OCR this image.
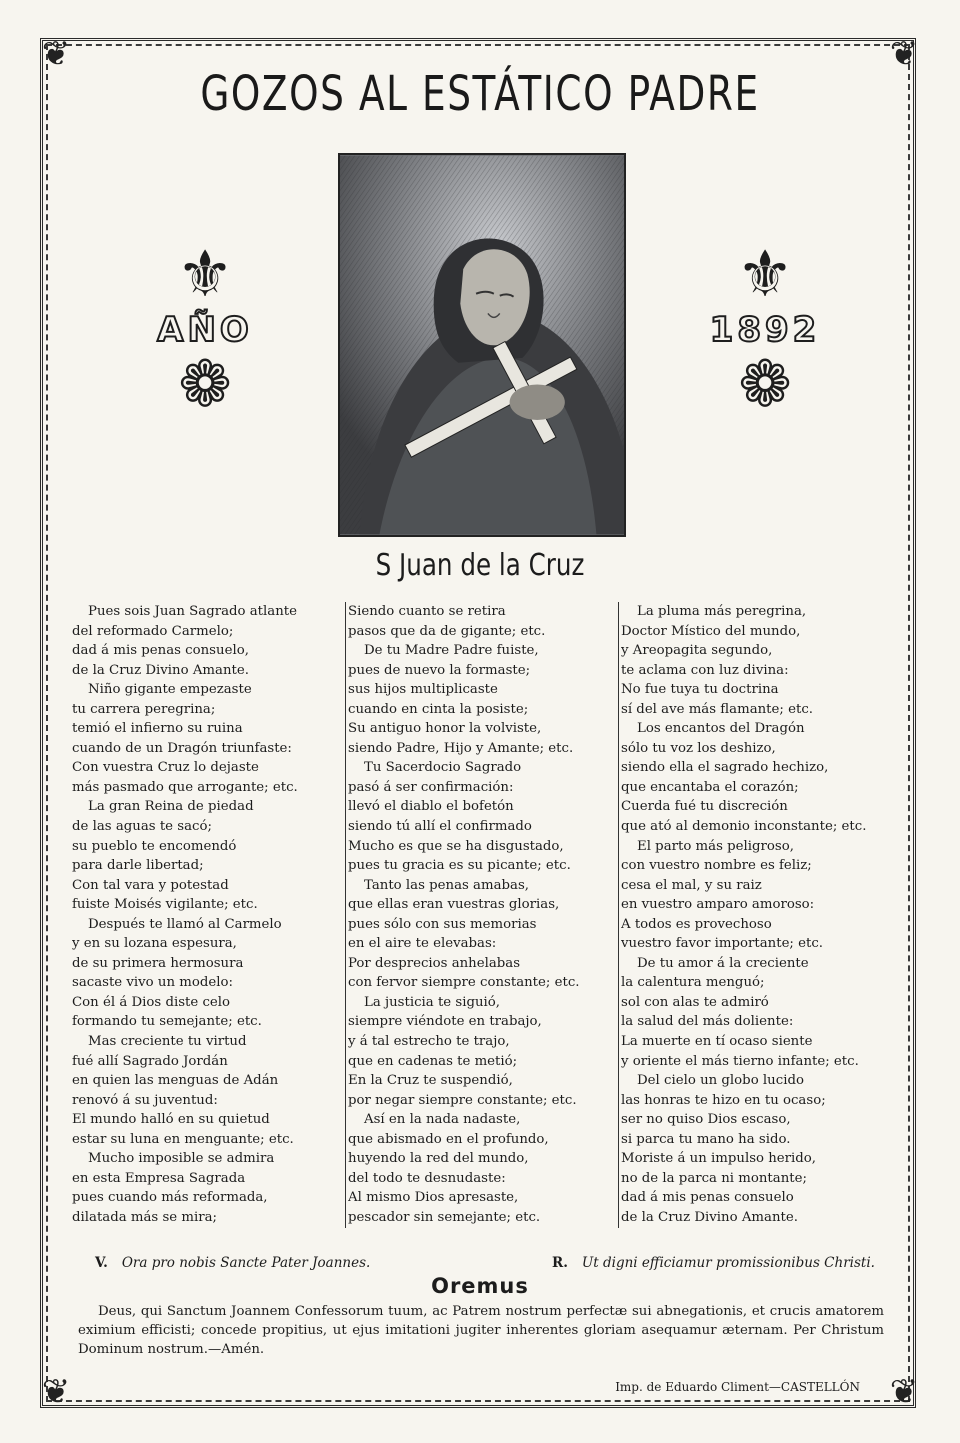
❦	❦
❦	❦
GOZOS AL ESTÁTICO PADRE
⚜
AÑO
❁
⚜
1892
❁
S Juan de la Cruz
Pues sois Juan Sagrado atlante
del reformado Carmelo;
dad á mis penas consuelo,
de la Cruz Divino Amante.
Niño gigante empezaste
tu carrera peregrina;
temió el infierno su ruina
cuando de un Dragón triunfaste:
Con vuestra Cruz lo dejaste
más pasmado que arrogante; etc.
La gran Reina de piedad
de las aguas te sacó;
su pueblo te encomendó
para darle libertad;
Con tal vara y potestad
fuiste Moisés vigilante; etc.
Después te llamó al Carmelo
y en su lozana espesura,
de su primera hermosura
sacaste vivo un modelo:
Con él á Dios diste celo
formando tu semejante; etc.
Mas creciente tu virtud
fué allí Sagrado Jordán
en quien las menguas de Adán
renovó á su juventud:
El mundo halló en su quietud
estar su luna en menguante; etc.
Mucho imposible se admira
en esta Empresa Sagrada
pues cuando más reformada,
dilatada más se mira;
Siendo cuanto se retira
pasos que da de gigante; etc.
De tu Madre Padre fuiste,
pues de nuevo la formaste;
sus hijos multiplicaste
cuando en cinta la posiste;
Su antiguo honor la volviste,
siendo Padre, Hijo y Amante; etc.
Tu Sacerdocio Sagrado
pasó á ser confirmación:
llevó el diablo el bofetón
siendo tú allí el confirmado
Mucho es que se ha disgustado,
pues tu gracia es su picante; etc.
Tanto las penas amabas,
que ellas eran vuestras glorias,
pues sólo con sus memorias
en el aire te elevabas:
Por desprecios anhelabas
con fervor siempre constante; etc.
La justicia te siguió,
siempre viéndote en trabajo,
y á tal estrecho te trajo,
que en cadenas te metió;
En la Cruz te suspendió,
por negar siempre constante; etc.
Así en la nada nadaste,
que abismado en el profundo,
huyendo la red del mundo,
del todo te desnudaste:
Al mismo Dios apresaste,
pescador sin semejante; etc.
La pluma más peregrina,
Doctor Místico del mundo,
y Areopagita segundo,
te aclama con luz divina:
No fue tuya tu doctrina
sí del ave más flamante; etc.
Los encantos del Dragón
sólo tu voz los deshizo,
siendo ella el sagrado hechizo,
que encantaba el corazón;
Cuerda fué tu discreción
que ató al demonio inconstante; etc.
El parto más peligroso,
con vuestro nombre es feliz;
cesa el mal, y su raiz
en vuestro amparo amoroso:
A todos es provechoso
vuestro favor importante; etc.
De tu amor á la creciente
la calentura menguó;
sol con alas te admiró
la salud del más doliente:
La muerte en tí ocaso siente
y oriente el más tierno infante; etc.
Del cielo un globo lucido
las honras te hizo en tu ocaso;
ser no quiso Dios escaso,
si parca tu mano ha sido.
Moriste á un impulso herido,
no de la parca ni montante;
dad á mis penas consuelo
de la Cruz Divino Amante.
V. Ora pro nobis Sancte Pater Joannes.	R. Ut digni efficiamur promissionibus Christi.
Oremus
Deus, qui Sanctum Joannem Confessorum tuum, ac Patrem nostrum perfectæ sui abnegationis, et crucis amatorem eximium efficisti; concede propitius, ut ejus imitationi jugiter inherentes gloriam asequamur æternam. Per Christum Dominum nostrum.—Amén.
Imp. de Eduardo Climent—CASTELLÓN
